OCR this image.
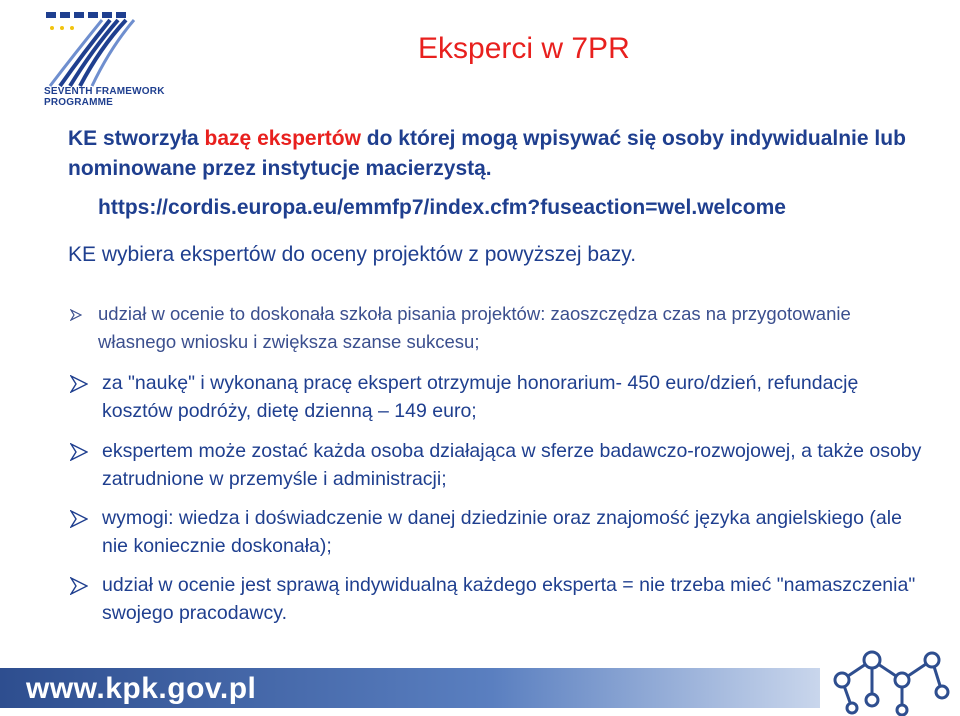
SEVENTH FRAMEWORK
PROGRAMME
Eksperci w 7PR
KE stworzyła bazę ekspertów do której mogą wpisywać się osoby indywidualnie lub nominowane przez instytucje macierzystą.
https://cordis.europa.eu/emmfp7/index.cfm?fuseaction=wel.welcome
KE wybiera ekspertów do oceny projektów z powyższej bazy.
udział w ocenie to doskonała szkoła pisania projektów: zaoszczędza czas na przygotowanie własnego wniosku i zwiększa szanse sukcesu;
za "naukę" i wykonaną pracę ekspert otrzymuje honorarium- 450 euro/dzień, refundację kosztów podróży, dietę dzienną – 149 euro;
ekspertem może zostać każda osoba działająca w sferze badawczo-rozwojowej, a także osoby zatrudnione w przemyśle i administracji;
wymogi: wiedza i doświadczenie w danej dziedzinie oraz znajomość języka angielskiego (ale nie koniecznie doskonała);
udział w ocenie jest sprawą indywidualną każdego eksperta = nie trzeba mieć "namaszczenia" swojego pracodawcy.
www.kpk.gov.pl
